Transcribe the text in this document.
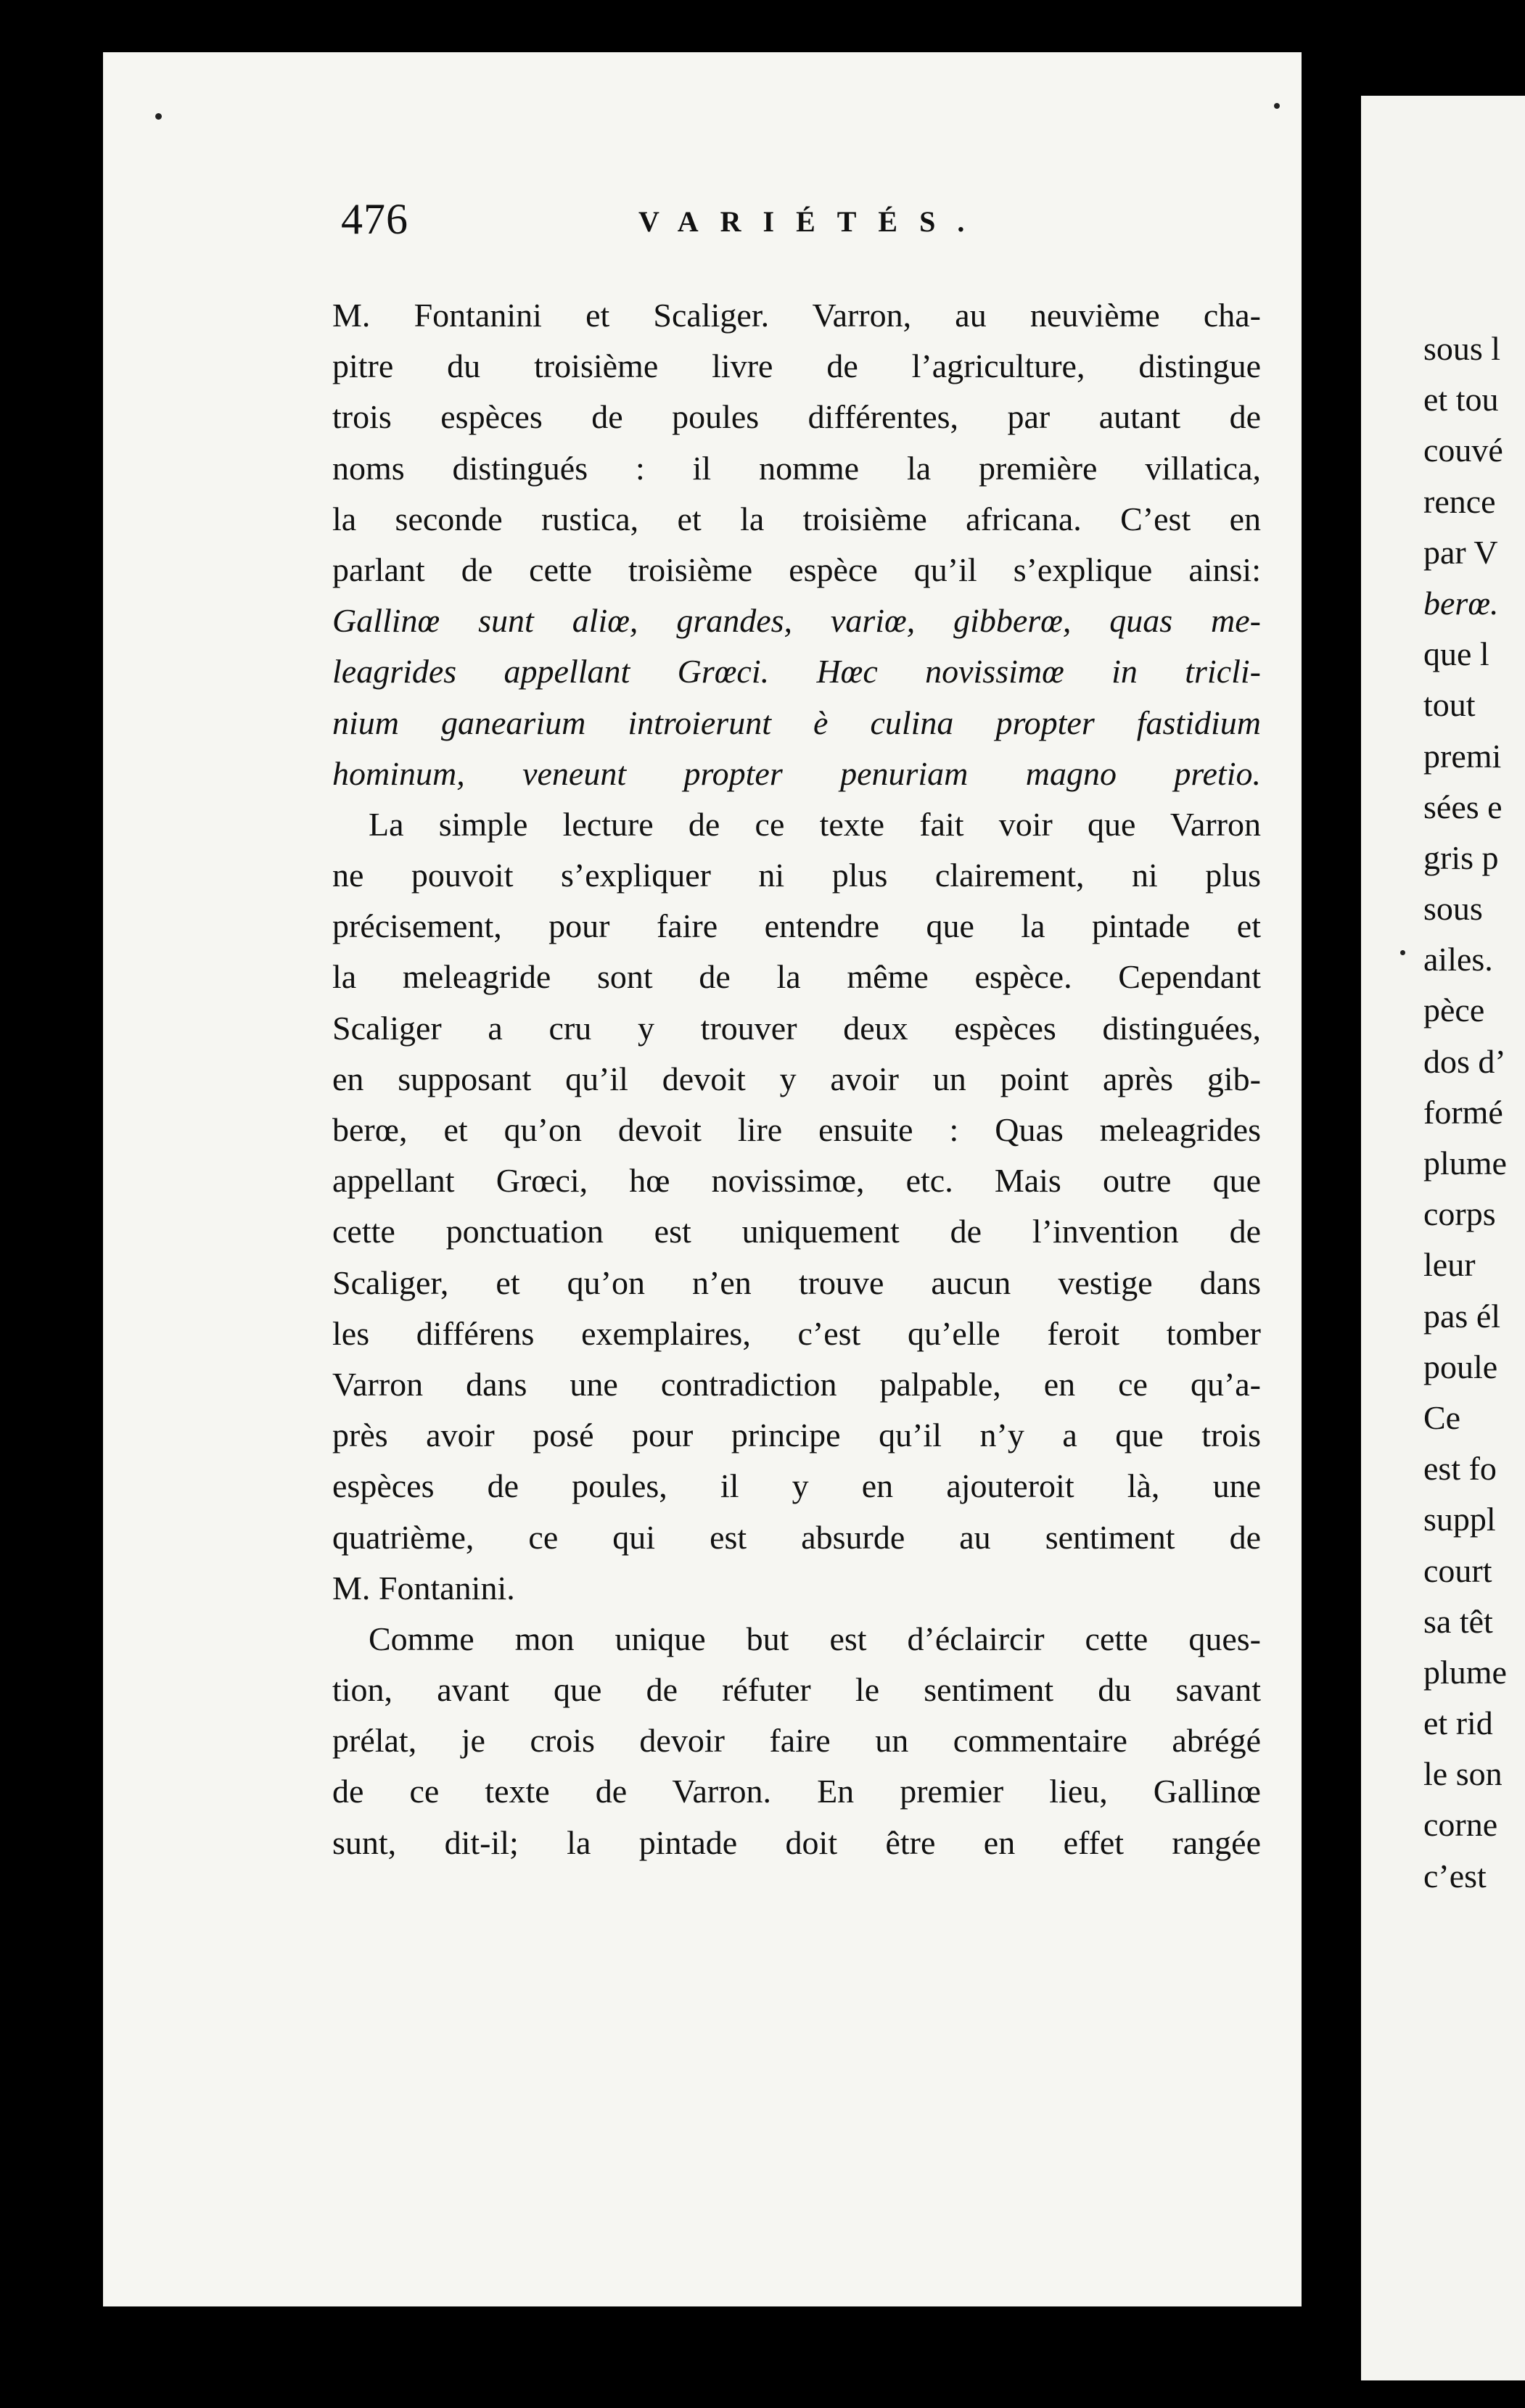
476	VARIÉTÉS.
M. Fontanini et Scaliger. Varron, au neuvième cha-
pitre du troisième livre de l’agriculture, distingue
trois espèces de poules différentes, par autant de
noms distingués : il nomme la première villatica,
la seconde rustica, et la troisième africana. C’est en
parlant de cette troisième espèce qu’il s’explique ainsi:
Gallinœ sunt aliœ, grandes, variœ, gibberœ, quas me-
leagrides appellant Grœci. Hœc novissimœ in tricli-
nium ganearium introierunt è culina propter fastidium
hominum, veneunt propter penuriam magno pretio.
La simple lecture de ce texte fait voir que Varron
ne pouvoit s’expliquer ni plus clairement, ni plus
précisement, pour faire entendre que la pintade et
la meleagride sont de la même espèce. Cependant
Scaliger a cru y trouver deux espèces distinguées,
en supposant qu’il devoit y avoir un point après gib-
berœ, et qu’on devoit lire ensuite : Quas meleagrides
appellant Grœci, hœ novissimœ, etc. Mais outre que
cette ponctuation est uniquement de l’invention de
Scaliger, et qu’on n’en trouve aucun vestige dans
les différens exemplaires, c’est qu’elle feroit tomber
Varron dans une contradiction palpable, en ce qu’a-
près avoir posé pour principe qu’il n’y a que trois
espèces de poules, il y en ajouteroit là, une
quatrième, ce qui est absurde au sentiment de
M. Fontanini.
Comme mon unique but est d’éclaircir cette ques-
tion, avant que de réfuter le sentiment du savant
prélat, je crois devoir faire un commentaire abrégé
de ce texte de Varron. En premier lieu, Gallinœ
sunt, dit-il; la pintade doit être en effet rangée
sous l
et tou
couvé
rence
par V
berœ.
que l
tout
premi
sées e
gris p
sous
ailes.
pèce
dos d’
formé
plume
corps
leur
pas él
poule
Ce
est fo
suppl
court
sa têt
plume
et rid
le son
corne
c’est
